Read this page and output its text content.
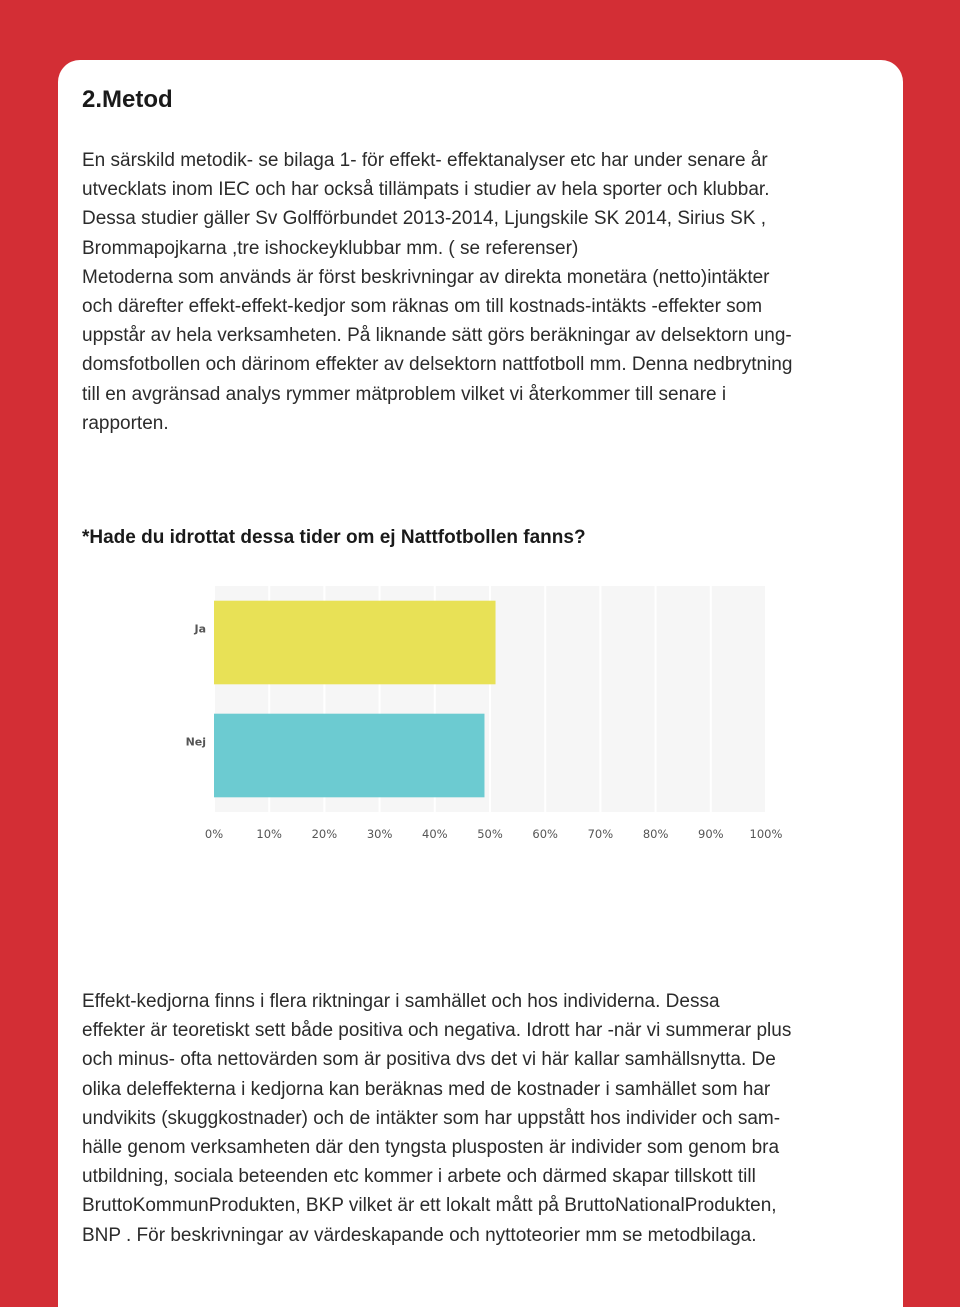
2.Metod

En särskild metodik- se bilaga 1- för effekt- effektanalyser etc har under senare år
utvecklats inom IEC och har också tillämpats i studier av hela sporter och klubbar.
Dessa studier gäller Sv Golfförbundet 2013-2014, Ljungskile SK 2014, Sirius SK ,
Brommapojkarna ,tre ishockeyklubbar mm. ( se referenser)
Metoderna som används är först beskrivningar av direkta monetära (netto)intäkter
och därefter effekt-effekt-kedjor som räknas om till kostnads-intäkts -effekter som
uppstår av hela verksamheten. På liknande sätt görs beräkningar av delsektorn ung-
domsfotbollen och därinom effekter av delsektorn nattfotboll mm. Denna nedbrytning
till en avgränsad analys rymmer mätproblem vilket vi återkommer till senare i
rapporten.

*Hade du idrottat dessa tider om ej Nattfotbollen fanns?

0%	10%	20%	30%	40%	50%	60%	70%	80%	90% 100%
Ja
Nej

Effekt-kedjorna finns i flera riktningar i samhället och hos individerna. Dessa
effekter är teoretiskt sett både positiva och negativa. Idrott har -när vi summerar plus
och minus- ofta nettovärden som är positiva dvs det vi här kallar samhällsnytta. De
olika deleffekterna i kedjorna kan beräknas med de kostnader i samhället som har
undvikits (skuggkostnader) och de intäkter som har uppstått hos individer och sam-
hälle genom verksamheten där den tyngsta plusposten är individer som genom bra
utbildning, sociala beteenden etc kommer i arbete och därmed skapar tillskott till
BruttoKommunProdukten, BKP vilket är ett lokalt mått på BruttoNationalProdukten,
BNP . För beskrivningar av värdeskapande och nyttoteorier mm se metodbilaga.
